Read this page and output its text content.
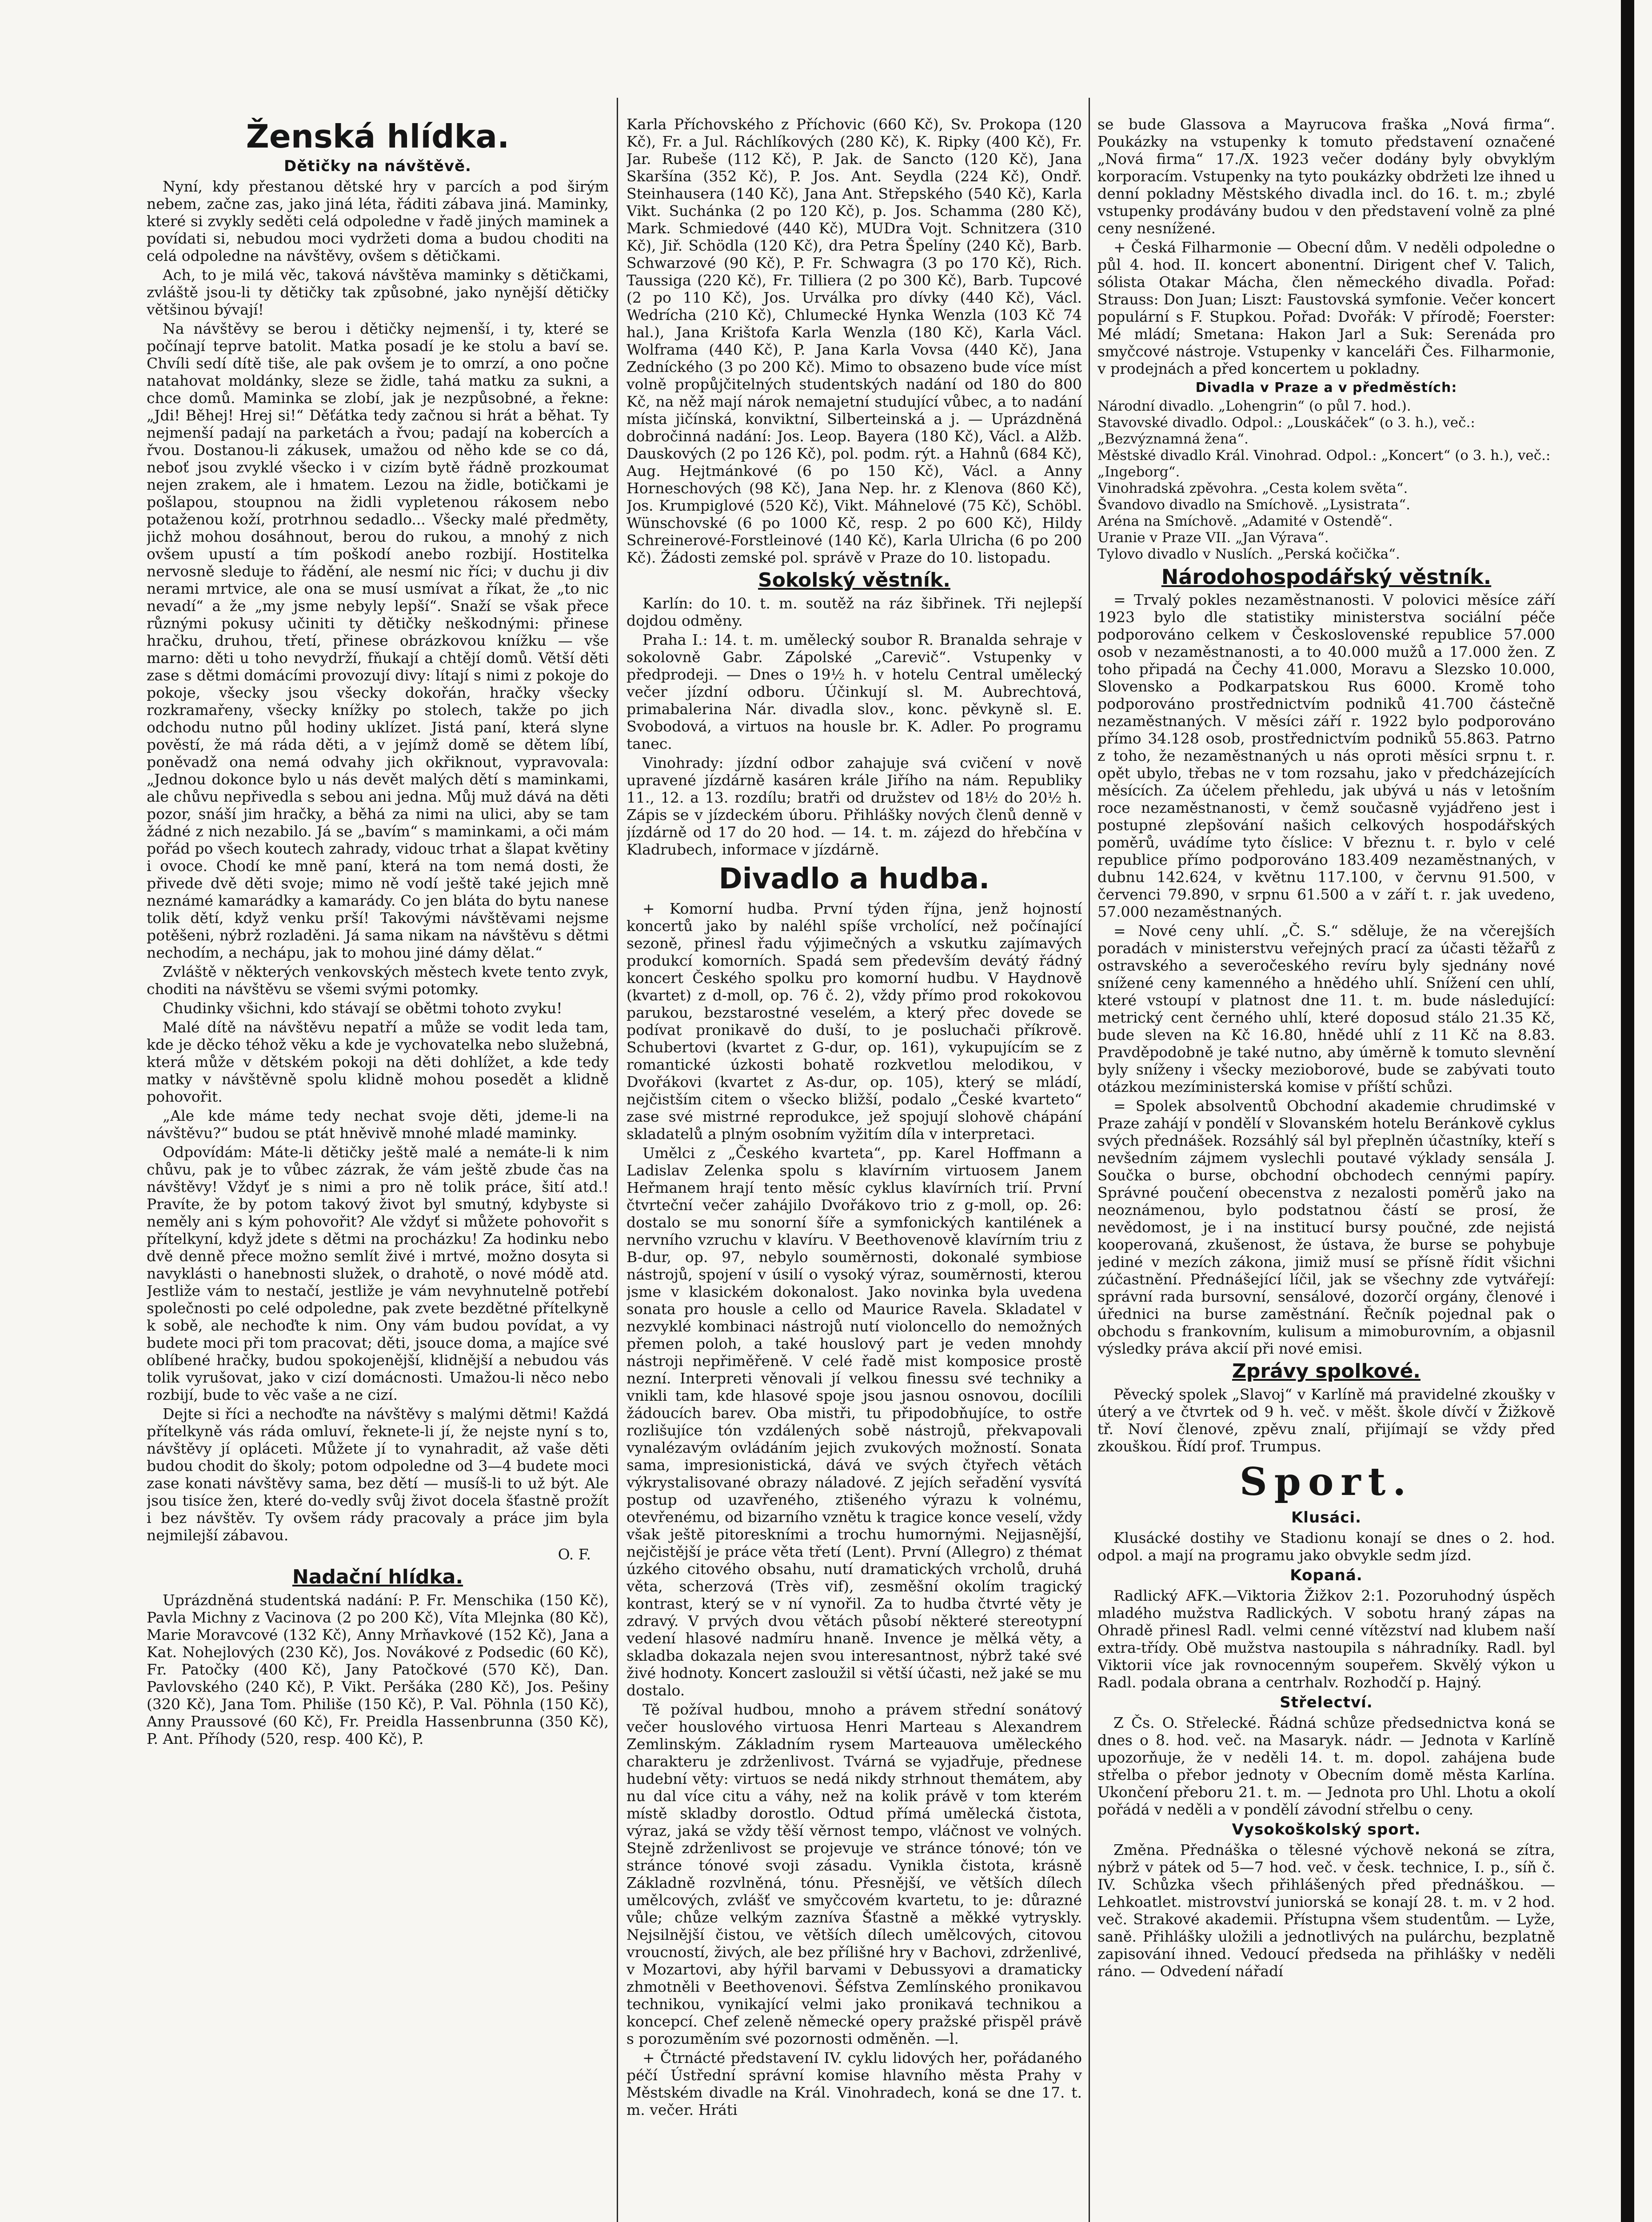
Ženská hlídka.
Dětičky na návštěvě.

Nyní, kdy přestanou dětské hry v parcích a pod širým nebem, začne zas, jako jiná léta, řáditi zábava jiná. Maminky, které si zvykly seděti celá odpoledne v řadě jiných maminek a povídati si, nebudou moci vydržeti doma a budou choditi na celá odpoledne na návštěvy, ovšem s dětičkami.

Ach, to je milá věc, taková návštěva maminky s dětičkami, zvláště jsou-li ty dětičky tak způsobné, jako nynější dětičky většinou bývají!

Na návštěvy se berou i dětičky nejmenší, i ty, které se počínají teprve batolit. Matka posadí je ke stolu a baví se. Chvíli sedí dítě tiše, ale pak ovšem je to omrzí, a ono počne natahovat moldánky, sleze se židle, tahá matku za sukni, a chce domů. Maminka se zlobí, jak je nezpůsobné, a řekne: „Jdi! Běhej! Hrej si!“ Děťátka tedy začnou si hrát a běhat. Ty nejmenší padají na parketách a řvou; padají na kobercích a řvou. Dostanou-li zákusek, umažou od něho kde se co dá, neboť jsou zvyklé všecko i v cizím bytě řádně prozkoumat nejen zrakem, ale i hmatem. Lezou na židle, botičkami je pošlapou, stoupnou na židli vypletenou rákosem nebo potaženou koží, protrhnou sedadlo... Všecky malé předměty, jichž mohou dosáhnout, berou do rukou, a mnohý z nich ovšem upustí a tím poškodí anebo rozbijí. Hostitelka nervosně sleduje to řádění, ale nesmí nic říci; v duchu ji div nerami mrtvice, ale ona se musí usmívat a říkat, že „to nic nevadí“ a že „my jsme nebyly lepší“. Snaží se však přece různými pokusy učiniti ty dětičky neškodnými: přinese hračku, druhou, třetí, přinese obrázkovou knížku — vše marno: děti u toho nevydrží, fňukají a chtějí domů. Větší děti zase s dětmi domácími provozují divy: lítají s nimi z pokoje do pokoje, všecky jsou všecky dokořán, hračky všecky rozkramařeny, všecky knížky po stolech, takže po jich odchodu nutno půl hodiny uklízet. Jistá paní, která slyne pověstí, že má ráda děti, a v jejímž domě se dětem líbí, poněvadž ona nemá odvahy jich okřiknout, vypravovala: „Jednou dokonce bylo u nás devět malých dětí s maminkami, ale chůvu nepřivedla s sebou ani jedna. Můj muž dává na děti pozor, snáší jim hračky, a běhá za nimi na ulici, aby se tam žádné z nich nezabilo. Já se „bavím“ s maminkami, a oči mám pořád po všech koutech zahrady, vidouc trhat a šlapat květiny i ovoce. Chodí ke mně paní, která na tom nemá dosti, že přivede dvě děti svoje; mimo ně vodí ještě také jejich mně neznámé kamarádky a kamarády. Co jen bláta do bytu nanese tolik dětí, když venku prší! Takovými návštěvami nejsme potěšeni, nýbrž rozladěni. Já sama nikam na návštěvu s dětmi nechodím, a nechápu, jak to mohou jiné dámy dělat.“

Zvláště v některých venkovských městech kvete tento zvyk, choditi na návštěvu se všemi svými potomky.

Chudinky všichni, kdo stávají se obětmi tohoto zvyku!

Malé dítě na návštěvu nepatří a může se vodit leda tam, kde je děcko téhož věku a kde je vychovatelka nebo služebná, která může v dětském pokoji na děti dohlížet, a kde tedy matky v návštěvně spolu klidně mohou posedět a klidně pohovořit.

„Ale kde máme tedy nechat svoje děti, jdeme-li na návštěvu?“ budou se ptát hněvivě mnohé mladé maminky.

Odpovídám: Máte-li dětičky ještě malé a nemáte-li k nim chůvu, pak je to vůbec zázrak, že vám ještě zbude čas na návštěvy! Vždyť je s nimi a pro ně tolik práce, šití atd.! Pravíte, že by potom takový život byl smutný, kdybyste si neměly ani s kým pohovořit? Ale vždyť si můžete pohovořit s přítelkyní, když jdete s dětmi na procházku! Za hodinku nebo dvě denně přece možno semlít živé i mrtvé, možno dosyta si navyklásti o hanebnosti služek, o drahotě, o nové módě atd. Jestliže vám to nestačí, jestliže je vám nevyhnutelně potřebí společnosti po celé odpoledne, pak zvete bezdětné přítelkyně k sobě, ale nechoďte k nim. Ony vám budou povídat, a vy budete moci při tom pracovat; děti, jsouce doma, a majíce své oblíbené hračky, budou spokojenější, klidnější a nebudou vás tolik vyrušovat, jako v cizí domácnosti. Umažou-li něco nebo rozbijí, bude to věc vaše a ne cizí.

Dejte si říci a nechoďte na návštěvy s malými dětmi! Každá přítelkyně vás ráda omluví, řeknete-li jí, že nejste nyní s to, návštěvy jí opláceti. Můžete jí to vynahradit, až vaše děti budou chodit do školy; potom odpoledne od 3—4 budete moci zase konati návštěvy sama, bez dětí — musíš-li to už být. Ale jsou tisíce žen, které do-vedly svůj život docela šťastně prožít i bez návštěv. Ty ovšem rády pracovaly a práce jim byla nejmilejší zábavou.

O. F.
Nadační hlídka.

Uprázdněná studentská nadání: P. Fr. Menschika (150 Kč), Pavla Michny z Vacinova (2 po 200 Kč), Víta Mlejnka (80 Kč), Marie Moravcové (132 Kč), Anny Mrňavkové (152 Kč), Jana a Kat. Nohejlových (230 Kč), Jos. Novákové z Podsedic (60 Kč), Fr. Patočky (400 Kč), Jany Patočkové (570 Kč), Dan. Pavlovského (240 Kč), P. Vikt. Peršáka (280 Kč), Jos. Pešiny (320 Kč), Jana Tom. Philiše (150 Kč), P. Val. Pöhnla (150 Kč), Anny Praussové (60 Kč), Fr. Preidla Hassenbrunna (350 Kč), P. Ant. Příhody (520, resp. 400 Kč), P.

Karla Příchovského z Příchovic (660 Kč), Sv. Prokopa (120 Kč), Fr. a Jul. Ráchlíkových (280 Kč), K. Ripky (400 Kč), Fr. Jar. Rubeše (112 Kč), P. Jak. de Sancto (120 Kč), Jana Skaršína (352 Kč), P. Jos. Ant. Seydla (224 Kč), Ondř. Steinhausera (140 Kč), Jana Ant. Střepského (540 Kč), Karla Vikt. Suchánka (2 po 120 Kč), p. Jos. Schamma (280 Kč), Mark. Schmiedové (440 Kč), MUDra Vojt. Schnitzera (310 Kč), Jiř. Schödla (120 Kč), dra Petra Špelíny (240 Kč), Barb. Schwarzové (90 Kč), P. Fr. Schwagra (3 po 170 Kč), Rich. Taussiga (220 Kč), Fr. Tilliera (2 po 300 Kč), Barb. Tupcové (2 po 110 Kč), Jos. Urválka pro dívky (440 Kč), Václ. Wedrícha (210 Kč), Chlumecké Hynka Wenzla (103 Kč 74 hal.), Jana Krištofa Karla Wenzla (180 Kč), Karla Václ. Wolframa (440 Kč), P. Jana Karla Vovsa (440 Kč), Jana Zedníckého (3 po 200 Kč). Mimo to obsazeno bude více míst volně propůjčitelných studentských nadání od 180 do 800 Kč, na něž mají nárok nemajetní studující vůbec, a to nadání místa jičínská, konviktní, Silberteinská a j. — Uprázdněná dobročinná nadání: Jos. Leop. Bayera (180 Kč), Václ. a Alžb. Dauskových (2 po 126 Kč), pol. podm. rýt. a Hahnů (684 Kč), Aug. Hejtmánkové (6 po 150 Kč), Václ. a Anny Horneschových (98 Kč), Jana Nep. hr. z Klenova (860 Kč), Jos. Krumpiglové (520 Kč), Vikt. Máhnelové (75 Kč), Schöbl. Wünschovské (6 po 1000 Kč, resp. 2 po 600 Kč), Hildy Schreinerové-Forstleinové (140 Kč), Karla Ulricha (6 po 200 Kč). Žádosti zemské pol. správě v Praze do 10. listopadu.

Sokolský věstník.

Karlín: do 10. t. m. soutěž na ráz šibřinek. Tři nejlepší dojdou odměny.

Praha I.: 14. t. m. umělecký soubor R. Branalda sehraje v sokolovně Gabr. Zápolské „Carevič“. Vstupenky v předprodeji. — Dnes o 19½ h. v hotelu Central umělecký večer jízdní odboru. Účinkují sl. M. Aubrechtová, primabalerina Nár. divadla slov., konc. pěvkyně sl. E. Svobodová, a virtuos na housle br. K. Adler. Po programu tanec.

Vinohrady: jízdní odbor zahajuje svá cvičení v nově upravené jízdárně kasáren krále Jiřího na nám. Republiky 11., 12. a 13. rozdílu; bratři od družstev od 18½ do 20½ h. Zápis se v jízdeckém úboru. Přihlášky nových členů denně v jízdárně od 17 do 20 hod. — 14. t. m. zájezd do hřebčína v Kladrubech, informace v jízdárně.

Divadlo a hudba.

+ Komorní hudba. První týden října, jenž hojností koncertů jako by naléhl spíše vrcholící, než počínající sezoně, přinesl řadu výjimečných a vskutku zajímavých produkcí komorních. Spadá sem především devátý řádný koncert Českého spolku pro komorní hudbu. V Haydnově (kvartet) z d-moll, op. 76 č. 2), vždy přímo prod rokokovou parukou, bezstarostné veselém, a který přec dovede se podívat pronikavě do duší, to je posluchači příkrově. Schubertovi (kvartet z G-dur, op. 161), vykupujícím se z romantické úzkosti bohatě rozkvetlou melodikou, v Dvořákovi (kvartet z As-dur, op. 105), který se mládí, nejčistším citem o všecko bližší, podalo „České kvarteto“ zase své mistrné reprodukce, jež spojují slohově chápání skladatelů a plným osobním vyžitím díla v interpretaci.

Umělci z „Českého kvarteta“, pp. Karel Hoffmann a Ladislav Zelenka spolu s klavírním virtuosem Janem Heřmanem hrají tento měsíc cyklus klavírních trií. První čtvrteční večer zahájilo Dvořákovo trio z g-moll, op. 26: dostalo se mu sonorní šíře a symfonických kantilének a nervního vzruchu v klavíru. V Beethovenově klavírním triu z B-dur, op. 97, nebylo souměrnosti, dokonalé symbiose nástrojů, spojení v úsilí o vysoký výraz, souměrnosti, kterou jsme v klasickém dokonalost. Jako novinka byla uvedena sonata pro housle a cello od Maurice Ravela. Skladatel v nezvyklé kombinaci nástrojů nutí violoncello do nemožných přemen poloh, a také houslový part je veden mnohdy nástroji nepřiměřeně. V celé řadě mist komposice prostě nezní. Interpreti věnovali jí velkou finessu své techniky a vnikli tam, kde hlasové spoje jsou jasnou osnovou, docílili žádoucích barev. Oba mistři, tu připodobňujíce, to ostře rozlišujíce tón vzdálených sobě nástrojů, překvapovali vynalézavým ovládáním jejich zvukových možností. Sonata sama, impresionistická, dává ve svých čtyřech větách výkrystalisované obrazy náladové. Z jejích seřadění vysvítá postup od uzavřeného, ztišeného výrazu k volnému, otevřenému, od bizarního vznětu k tragice konce veselí, vždy však ještě pitoreskními a trochu humornými. Nejjasnější, nejčistější je práce věta třetí (Lent). První (Allegro) z thémat úzkého citového obsahu, nutí dramatických vrcholů, druhá věta, scherzová (Très vif), zesměšní okolím tragický kontrast, který se v ní vynořil. Za to hudba čtvrté věty je zdravý. V prvých dvou větách působí některé stereotypní vedení hlasové nadmíru hnaně. Invence je mělká věty, a skladba dokazala nejen svou interesantnost, nýbrž také své živé hodnoty. Koncert zasloužil si větší účasti, než jaké se mu dostalo.

Tě požíval hudbou, mnoho a právem střední sonátový večer houslového virtuosa Henri Marteau s Alexandrem Zemlinským. Základním rysem Marteauova uměleckého charakteru je zdrženlivost. Tvárná se vyjadřuje, přednese hudební věty: virtuos se nedá nikdy strhnout themátem, aby nu dal více citu a váhy, než na kolik právě v tom kterém místě skladby dorostlo. Odtud přímá umělecká čistota, výraz, jaká se vždy těší věrnost tempo, vláčnost ve volných. Stejně zdrženlivost se projevuje ve stránce tónové; tón ve stránce tónové svoji zásadu. Vynikla čistota, krásně Základně rozvlněná, tónu. Přesnější, ve větších dílech umělcových, zvlášť ve smyčcovém kvartetu, to je: důrazné vůle; chůze velkým zazníva Šťastně a měkké vytryskly. Nejsilnější čistou, ve větších dílech umělcových, citovou vroucností, živých, ale bez přílišné hry v Bachovi, zdrženlivé, v Mozartovi, aby hýřil barvami v Debussyovi a dramaticky zhmotněli v Beethovenovi. Šéfstva Zemlínského pronikavou technikou, vynikající velmi jako pronikavá technikou a koncepcí. Chef zeleně německé opery pražské přispěl právě s porozuměním své pozornosti odměněn. —l.

+ Čtrnácté představení IV. cyklu lidových her, pořádaného péčí Ústřední správní komise hlavního města Prahy v Městském divadle na Král. Vinohradech, koná se dne 17. t. m. večer. Hráti

se bude Glassova a Mayrucova fraška „Nová firma“. Poukázky na vstupenky k tomuto představení označené „Nová firma“ 17./X. 1923 večer dodány byly obvyklým korporacím. Vstupenky na tyto poukázky obdržeti lze ihned u denní pokladny Městského divadla incl. do 16. t. m.; zbylé vstupenky prodávány budou v den představení volně za plné ceny nesnížené.

+ Česká Filharmonie — Obecní dům. V neděli odpoledne o půl 4. hod. II. koncert abonentní. Dirigent chef V. Talich, sólista Otakar Mácha, člen německého divadla. Pořad: Strauss: Don Juan; Liszt: Faustovská symfonie. Večer koncert populární s F. Stupkou. Pořad: Dvořák: V přírodě; Foerster: Mé mládí; Smetana: Hakon Jarl a Suk: Serenáda pro smyčcové nástroje. Vstupenky v kanceláři Čes. Filharmonie, v prodejnách a před koncertem u pokladny.

Divadla v Praze a v předměstích:

Národní divadlo. „Lohengrin“ (o půl 7. hod.).

Stavovské divadlo. Odpol.: „Louskáček“ (o 3. h.), več.: „Bezvýznamná žena“.

Městské divadlo Král. Vinohrad. Odpol.: „Koncert“ (o 3. h.), več.: „Ingeborg“.

Vinohradská zpěvohra. „Cesta kolem světa“.

Švandovo divadlo na Smíchově. „Lysistrata“.

Aréna na Smíchově. „Adamité v Ostendě“.

Uranie v Praze VII. „Jan Výrava“.

Tylovo divadlo v Nuslích. „Perská kočička“.

Národohospodářský věstník.

= Trvalý pokles nezaměstnanosti. V polovici měsíce září 1923 bylo dle statistiky ministerstva sociální péče podporováno celkem v Československé republice 57.000 osob v nezaměstnanosti, a to 40.000 mužů a 17.000 žen. Z toho připadá na Čechy 41.000, Moravu a Slezsko 10.000, Slovensko a Podkarpatskou Rus 6000. Kromě toho podporováno prostřednictvím podniků 41.700 částečně nezaměstnaných. V měsíci září r. 1922 bylo podporováno přímo 34.128 osob, prostřednictvím podniků 55.863. Patrno z toho, že nezaměstnaných u nás oproti měsíci srpnu t. r. opět ubylo, třebas ne v tom rozsahu, jako v předcházejících měsících. Za účelem přehledu, jak ubývá u nás v letošním roce nezaměstnanosti, v čemž současně vyjádřeno jest i postupné zlepšování našich celkových hospodářských poměrů, uvádíme tyto číslice: V březnu t. r. bylo v celé republice přímo podporováno 183.409 nezaměstnaných, v dubnu 142.624, v květnu 117.100, v červnu 91.500, v červenci 79.890, v srpnu 61.500 a v září t. r. jak uvedeno, 57.000 nezaměstnaných.

= Nové ceny uhlí. „Č. S.“ sděluje, že na včerejších poradách v ministerstvu veřejných prací za účasti těžařů z ostravského a severočeského revíru byly sjednány nové snížené ceny kamenného a hnědého uhlí. Snížení cen uhlí, které vstoupí v platnost dne 11. t. m. bude následující: metrický cent černého uhlí, které doposud stálo 21.35 Kč, bude sleven na Kč 16.80, hnědé uhlí z 11 Kč na 8.83. Pravděpodobně je také nutno, aby úměrně k tomuto slevnění byly sníženy i všecky mezioborové, bude se zabývati touto otázkou mezíministerská komise v příští schůzi.

= Spolek absolventů Obchodní akademie chrudimské v Praze zahájí v pondělí v Slovanském hotelu Beránkově cyklus svých přednášek. Rozsáhlý sál byl přeplněn účastníky, kteří s nevšedním zájmem vyslechli poutavé výklady sensála J. Součka o burse, obchodní obchodech cennými papíry. Správné poučení obecenstva z nezalosti poměrů jako na neoznámenou, bylo podstatnou částí se prosí, že nevědomost, je i na institucí bursy poučné, zde nejistá kooperovaná, zkušenost, že ústava, že burse se pohybuje jediné v mezích zákona, jimiž musí se přísně řídit všichni zúčastnění. Přednášející líčil, jak se všechny zde vytvářejí: správní rada bursovní, sensálové, dozorčí orgány, členové i úřednici na burse zaměstnání. Řečník pojednal pak o obchodu s frankovním, kulisum a mimoburovním, a objasnil výsledky práva akcií při nové emisi.

Zprávy spolkové.

Pěvecký spolek „Slavoj“ v Karlíně má pravidelné zkoušky v úterý a ve čtvrtek od 9 h. več. v měšt. škole dívčí v Žižkově tř. Noví členové, zpěvu znalí, přijímají se vždy před zkouškou. Řídí prof. Trumpus.

Sport.
Klusáci.

Klusácké dostihy ve Stadionu konají se dnes o 2. hod. odpol. a mají na programu jako obvykle sedm jízd.

Kopaná.

Radlický AFK.—Viktoria Žižkov 2:1. Pozoruhodný úspěch mladého mužstva Radlických. V sobotu hraný zápas na Ohradě přinesl Radl. velmi cenné vítězství nad klubem naší extra-třídy. Obě mužstva nastoupila s náhradníky. Radl. byl Viktorii více jak rovnocenným soupeřem. Skvělý výkon u Radl. podala obrana a centrhalv. Rozhodčí p. Hajný.

Střelectví.

Z Čs. O. Střelecké. Řádná schůze předsednictva koná se dnes o 8. hod. več. na Masaryk. nádr. — Jednota v Karlíně upozorňuje, že v neděli 14. t. m. dopol. zahájena bude střelba o přebor jednoty v Obecním domě města Karlína. Ukončení přeboru 21. t. m. — Jednota pro Uhl. Lhotu a okolí pořádá v neděli a v pondělí závodní střelbu o ceny.

Vysokoškolský sport.

Změna. Přednáška o tělesné výchově nekoná se zítra, nýbrž v pátek od 5—7 hod. več. v česk. technice, I. p., síň č. IV. Schůzka všech přihlášených před přednáškou. — Lehkoatlet. mistrovství juniorská se konají 28. t. m. v 2 hod. več. Strakové akademii. Přístupna všem studentům. — Lyže, saně. Přihlášky uložili a jednotlivých na pulárchu, bezplatně zapisování ihned. Vedoucí předseda na přihlášky v neděli ráno. — Odvedení nářadí
